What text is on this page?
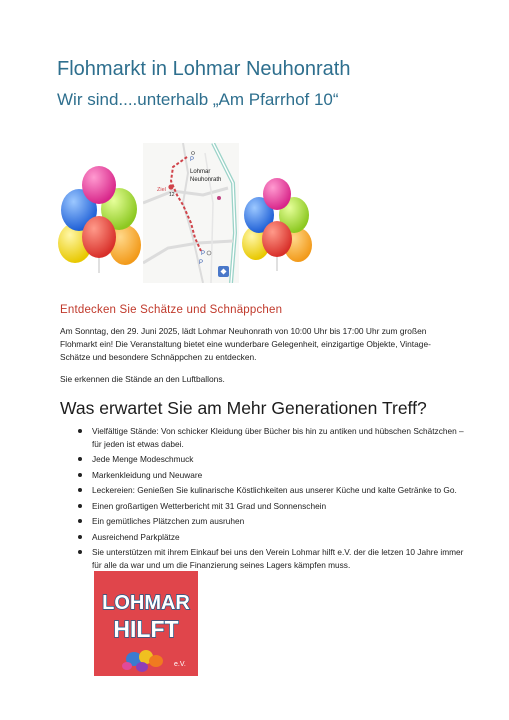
Flohmarkt in Lohmar Neuhonrath
Wir sind....unterhalb „Am Pfarrhof 10“
Lohmar
Neuhonrath
Ziel
12
P
P
P
Entdecken Sie Schätze und Schnäppchen
Am Sonntag, den 29. Juni 2025, lädt Lohmar Neuhonrath von 10:00 Uhr bis 17:00 Uhr zum großen Flohmarkt ein! Die Veranstaltung bietet eine wunderbare Gelegenheit, einzigartige Objekte, Vintage-Schätze und besondere Schnäppchen zu entdecken.
Sie erkennen die Stände an den Luftballons.
Was erwartet Sie am Mehr Generationen Treff?
Vielfältige Stände: Von schicker Kleidung über Bücher bis hin zu antiken und hübschen Schätzchen – für jeden ist etwas dabei.
Jede Menge Modeschmuck
Markenkleidung und Neuware
Leckereien: Genießen Sie kulinarische Köstlichkeiten aus unserer Küche und kalte Getränke to Go.
Einen großartigen Wetterbericht mit 31 Grad und Sonnenschein
Ein gemütliches Plätzchen zum ausruhen
Ausreichend Parkplätze
Sie unterstützen mit ihrem Einkauf bei uns den Verein Lohmar hilft e.V. der die letzen 10 Jahre immer für alle da war und um die Finanzierung seines Lagers kämpfen muss.
LOHMAR
HILFT
e.V.
